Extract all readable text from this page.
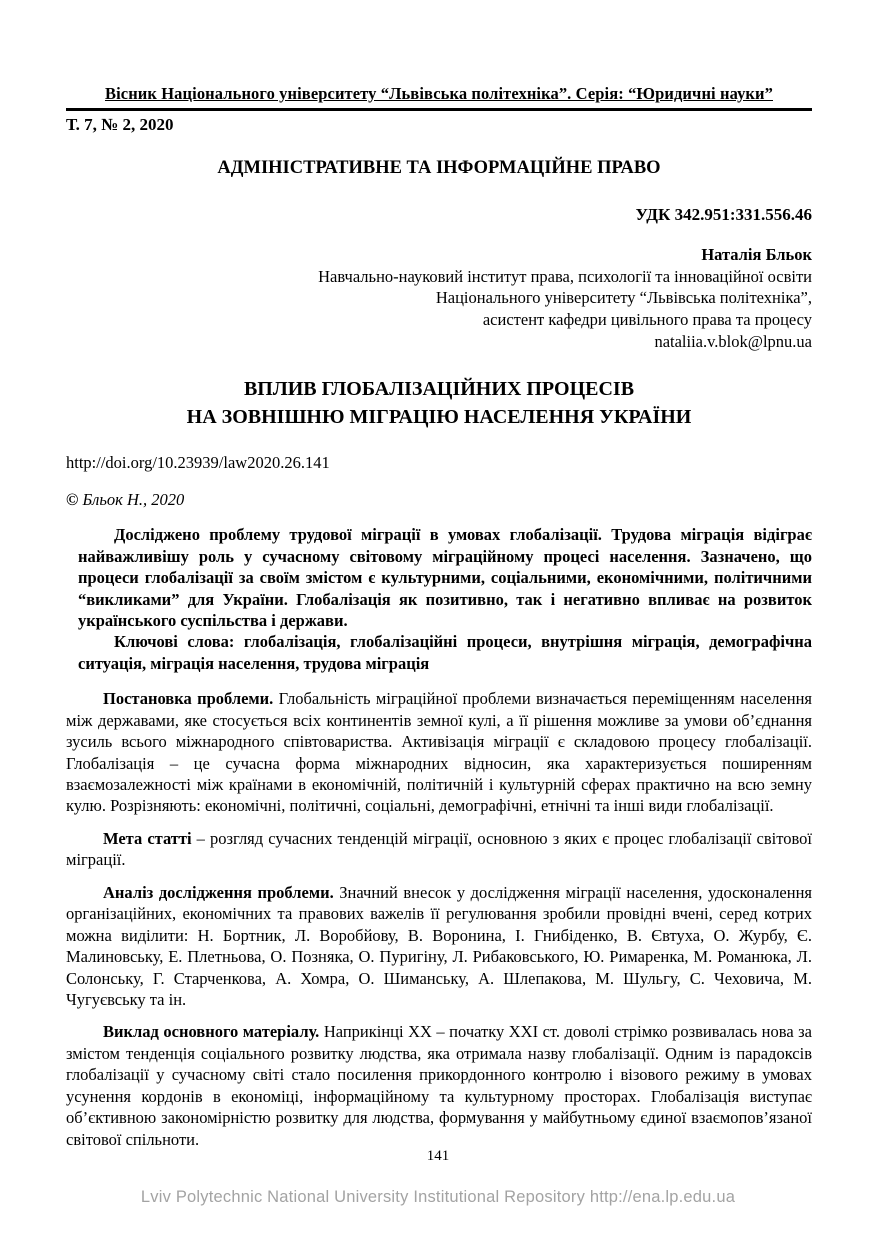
Вісник Національного університету “Львівська політехніка”. Серія: “Юридичні науки”
Т. 7, № 2, 2020
АДМІНІСТРАТИВНЕ ТА ІНФОРМАЦІЙНЕ ПРАВО
УДК 342.951:331.556.46
Наталія Бльок
Навчально-науковий інститут права, психології та інноваційної освіти
Національного університету “Львівська політехніка”,
асистент кафедри цивільного права та процесу
nataliia.v.blok@lpnu.ua
ВПЛИВ ГЛОБАЛІЗАЦІЙНИХ ПРОЦЕСІВ
НА ЗОВНІШНЮ МІГРАЦІЮ НАСЕЛЕННЯ УКРАЇНИ
http://doi.org/10.23939/law2020.26.141
© Бльок Н., 2020

Досліджено проблему трудової міграції в умовах глобалізації. Трудова міграція відіграє найважливішу роль у сучасному світовому міграційному процесі населення. Зазначено, що процеси глобалізації за своїм змістом є культурними, соціальними, економічними, політичними “викликами” для України. Глобалізація як позитивно, так і негативно впливає на розвиток українського суспільства і держави.

Ключові слова: глобалізація, глобалізаційні процеси, внутрішня міграція, демографічна ситуація, міграція населення, трудова міграція

Постановка проблеми. Глобальність міграційної проблеми визначається переміщенням населення між державами, яке стосується всіх континентів земної кулі, а її рішення можливе за умови об’єднання зусиль всього міжнародного співтовариства. Активізація міграції є складовою процесу глобалізації. Глобалізація – це сучасна форма міжнародних відносин, яка характеризується поширенням взаємозалежності між країнами в економічній, політичній і культурній сферах практично на всю земну кулю. Розрізняють: економічні, політичні, соціальні, демографічні, етнічні та інші види глобалізації.

Мета статті – розгляд сучасних тенденцій міграції, основною з яких є процес глобалізації світової міграції.

Аналіз дослідження проблеми. Значний внесок у дослідження міграції населення, удосконалення організаційних, економічних та правових важелів її регулювання зробили провідні вчені, серед котрих можна виділити: Н. Бортник, Л. Воробйову, В. Воронина, І. Гнибіденко, В. Євтуха, О. Журбу, Є. Малиновську, Е. Плетньова, О. Позняка, О. Пуригіну, Л. Рибаковського, Ю. Римаренка, М. Романюка, Л. Солонську, Г. Старченкова, А. Хомра, О. Шиманську, А. Шлепакова, М. Шульгу, С. Чеховича, М. Чугуєвську та ін.

Виклад основного матеріалу. Наприкінці ХХ – початку ХХІ ст. доволі стрімко розвивалась нова за змістом тенденція соціального розвитку людства, яка отримала назву глобалізації. Одним із парадоксів глобалізації у сучасному світі стало посилення прикордонного контролю і візового режиму в умовах усунення кордонів в економіці, інформаційному та культурному просторах. Глобалізація виступає об’єктивною закономірністю розвитку для людства, формування у майбутньому єдиної взаємопов’язаної світової спільноти.

141
Lviv Polytechnic National University Institutional Repository http://ena.lp.edu.ua
